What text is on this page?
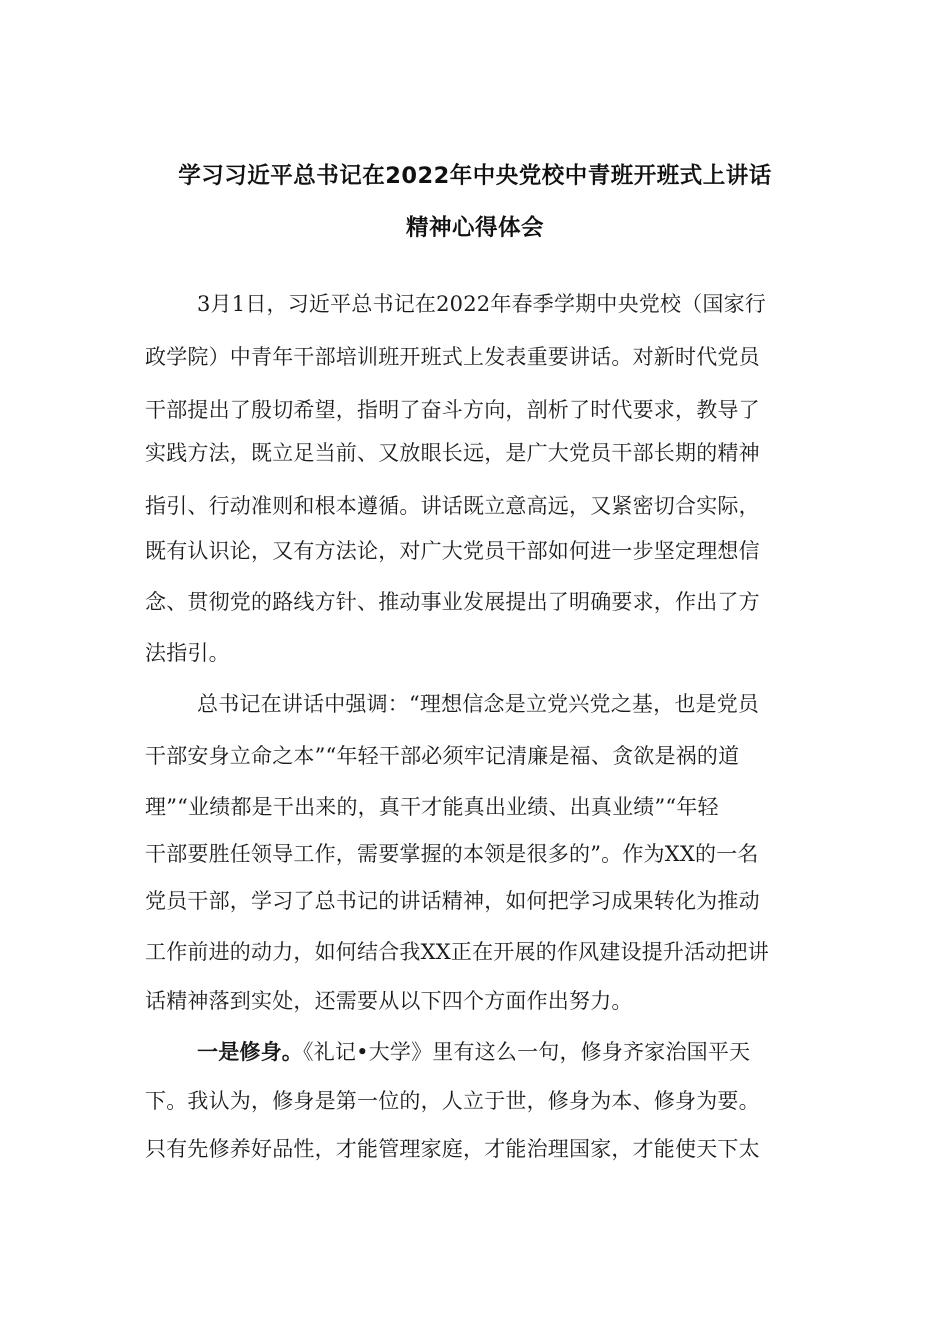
学习习近平总书记在2022年中央党校中青班开班式上讲话
精神心得体会
3月1日，习近平总书记在2022年春季学期中央党校（国家行
政学院）中青年干部培训班开班式上发表重要讲话。对新时代党员
干部提出了殷切希望，指明了奋斗方向，剖析了时代要求，教导了
实践方法，既立足当前、又放眼长远，是广大党员干部长期的精神
指引、行动准则和根本遵循。讲话既立意高远，又紧密切合实际，
既有认识论，又有方法论，对广大党员干部如何进一步坚定理想信
念、贯彻党的路线方针、推动事业发展提出了明确要求，作出了方
法指引。
总书记在讲话中强调：“理想信念是立党兴党之基，也是党员
干部安身立命之本”“年轻干部必须牢记清廉是福、贪欲是祸的道
理”“业绩都是干出来的，真干才能真出业绩、出真业绩”“年轻
干部要胜任领导工作，需要掌握的本领是很多的”。作为XX的一名
党员干部，学习了总书记的讲话精神，如何把学习成果转化为推动
工作前进的动力，如何结合我XX正在开展的作风建设提升活动把讲
话精神落到实处，还需要从以下四个方面作出努力。
一是修身。《礼记•大学》里有这么一句，修身齐家治国平天
下。我认为，修身是第一位的，人立于世，修身为本、修身为要。
只有先修养好品性，才能管理家庭，才能治理国家，才能使天下太
